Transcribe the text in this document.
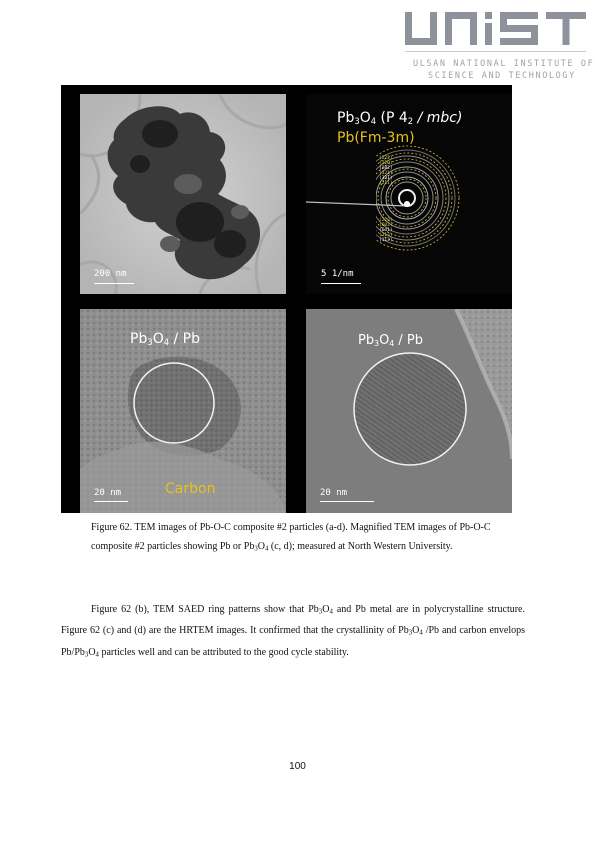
ULSAN NATIONAL INSTITUTE OF
SCIENCE AND TECHNOLOGY
200 nm
$Pb_3O_4$ (P $4_2 / mbc$)
Pb(Fm-3m)
(222)
(220)
(202)
(321)
(321)
(211)
(220)
(602)
(641)
(113)
(113)
5 1/nm
$Pb_3O_4$ / Pb
Carbon
20 nm
$Pb_3O_4$ / Pb
20 nm
Figure 62. TEM images of Pb-O-C composite #2 particles (a-d). Magnified TEM images of Pb-O-C composite #2 particles showing Pb or $Pb_3O_4$ (c, d); measured at North Western University.
Figure 62 (b), TEM SAED ring patterns show that $Pb_3O_4$ and Pb metal are in polycrystalline structure. Figure 62 (c) and (d) are the HRTEM images. It confirmed that the crystallinity of $Pb_3O_4$ /Pb and carbon envelops $Pb/Pb_3O_4$ particles well and can be attributed to the good cycle stability.
100
